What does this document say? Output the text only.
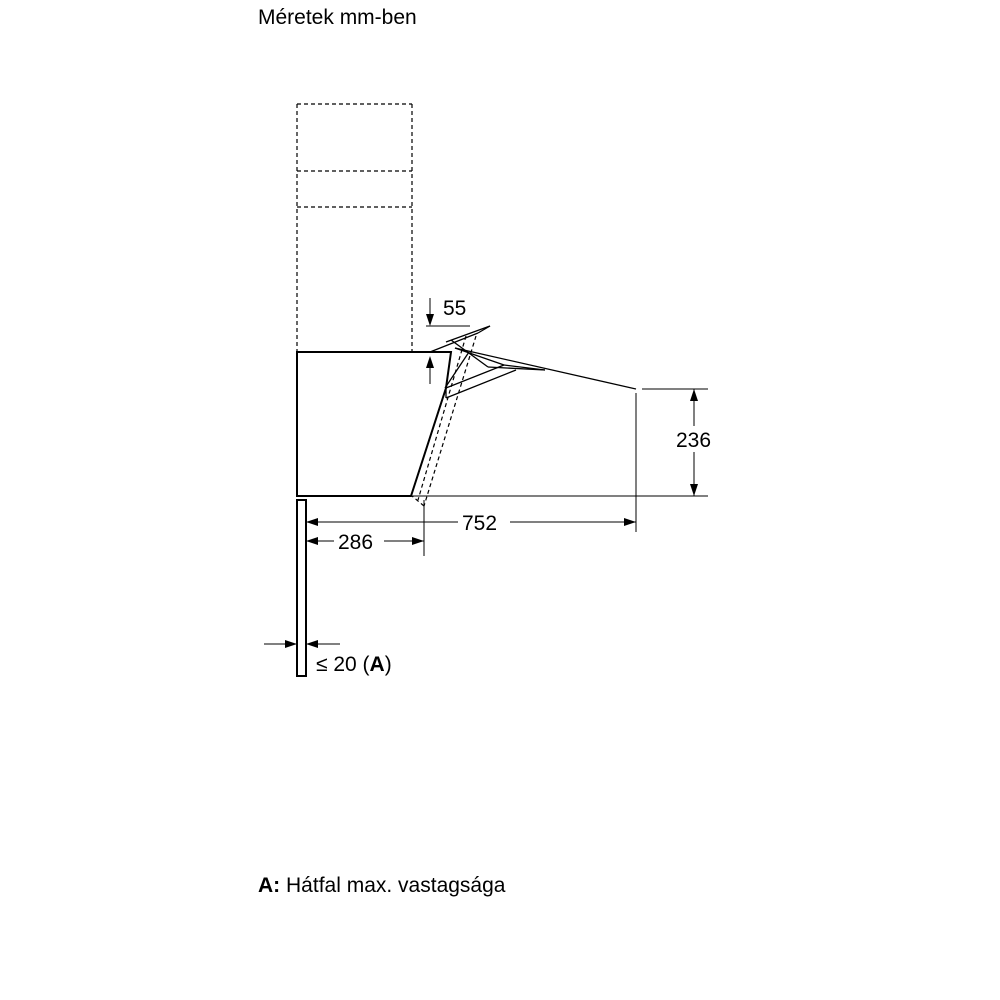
Méretek mm-ben
55
236
752
286
≤ 20 (A)
A: Hátfal max. vastagsága
